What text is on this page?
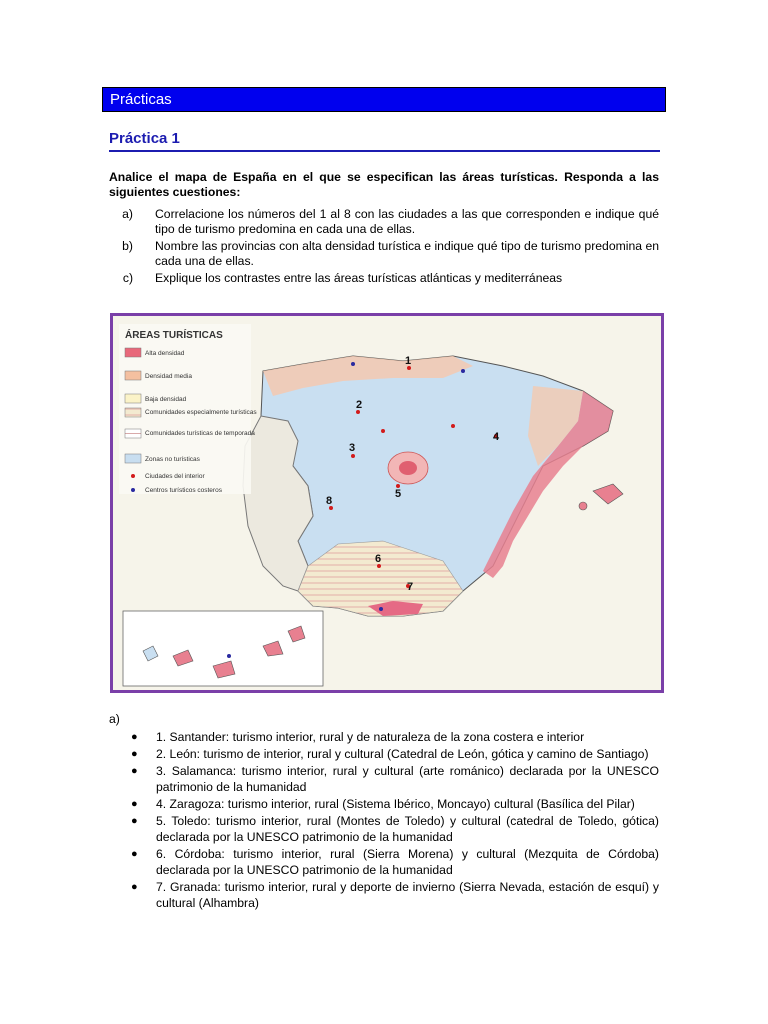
Prácticas
Práctica 1
Analice el mapa de España en el que se especifican las áreas turísticas. Responda a las siguientes cuestiones:
a)	Correlacione los números del 1 al 8 con las ciudades a las que corresponden e indique qué tipo de turismo predomina en cada una de ellas.
b)	Nombre las provincias con alta densidad turística e indique qué tipo de turismo predomina en cada una de ellas.
c)	Explique los contrastes entre las áreas turísticas atlánticas y mediterráneas
ÁREAS TURÍSTICAS
Alta densidad
Densidad media
Baja densidad
Comunidades especialmente turísticas
Comunidades turísticas de temporada
Zonas no turísticas
Ciudades del interior
Centros turísticos costeros
1
2
3
4
5
6
7
8
a)
●	1. Santander: turismo interior, rural y de naturaleza de la zona costera e interior
●	2. León: turismo de interior, rural y cultural (Catedral de León, gótica y camino de Santiago)
●	3. Salamanca: turismo interior, rural y cultural (arte románico) declarada por la UNESCO patrimonio de la humanidad
●	4. Zaragoza: turismo interior, rural (Sistema Ibérico, Moncayo) cultural (Basílica del Pilar)
●	5. Toledo: turismo interior, rural (Montes de Toledo) y cultural (catedral de Toledo, gótica) declarada por la UNESCO patrimonio de la humanidad
●	6. Córdoba: turismo interior, rural (Sierra Morena) y cultural (Mezquita de Córdoba) declarada por la UNESCO patrimonio de la humanidad
●	7. Granada: turismo interior, rural y deporte de invierno (Sierra Nevada, estación de esquí) y cultural (Alhambra)
